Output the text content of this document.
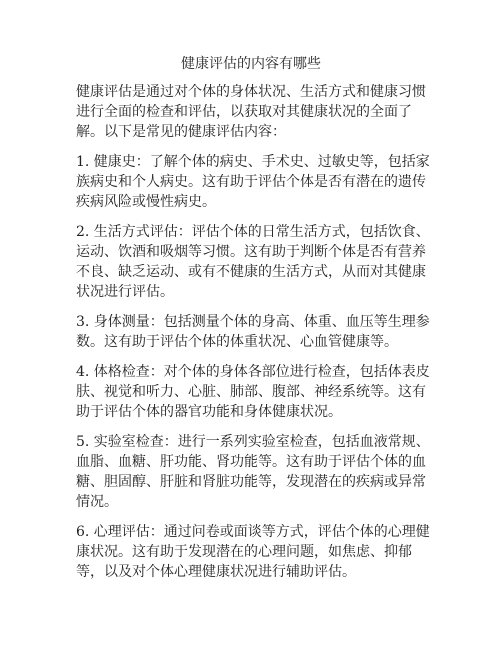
健康评估的内容有哪些

健康评估是通过对个体的身体状况、生活方式和健康习惯进行全面的检查和评估，以获取对其健康状况的全面了解。以下是常见的健康评估内容：

1. 健康史：了解个体的病史、手术史、过敏史等，包括家族病史和个人病史。这有助于评估个体是否有潜在的遗传疾病风险或慢性病史。

2. 生活方式评估：评估个体的日常生活方式，包括饮食、运动、饮酒和吸烟等习惯。这有助于判断个体是否有营养不良、缺乏运动、或有不健康的生活方式，从而对其健康状况进行评估。

3. 身体测量：包括测量个体的身高、体重、血压等生理参数。这有助于评估个体的体重状况、心血管健康等。

4. 体格检查：对个体的身体各部位进行检查，包括体表皮肤、视觉和听力、心脏、肺部、腹部、神经系统等。这有助于评估个体的器官功能和身体健康状况。

5. 实验室检查：进行一系列实验室检查，包括血液常规、血脂、血糖、肝功能、肾功能等。这有助于评估个体的血糖、胆固醇、肝脏和肾脏功能等，发现潜在的疾病或异常情况。

6. 心理评估：通过问卷或面谈等方式，评估个体的心理健康状况。这有助于发现潜在的心理问题，如焦虑、抑郁等，以及对个体心理健康状况进行辅助评估。
